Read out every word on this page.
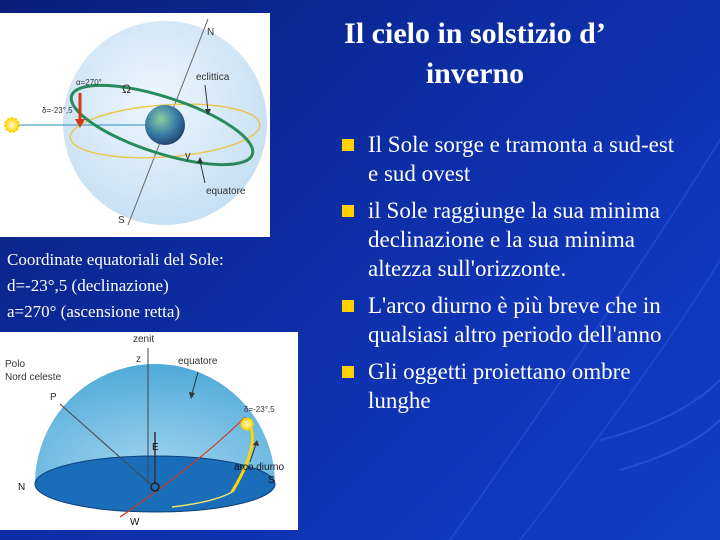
Il cielo in solstizio d’
inverno
N
S
eclittica
equatore
α=270°
δ=-23°,5
Ω
γ
Coordinate equatoriali del Sole:
d=-23°,5 (declinazione)
a=270° (ascensione retta)
zenit
z
Polo
Nord celeste
P
equatore
δ=-23°,5
E
arco diurno
N
S
W
Il Sole sorge e tramonta a sud-est e sud ovest
il Sole raggiunge la sua minima declinazione e la sua minima altezza sull'orizzonte.
L'arco diurno è più breve che in qualsiasi altro periodo dell'anno
Gli oggetti proiettano ombre lunghe
